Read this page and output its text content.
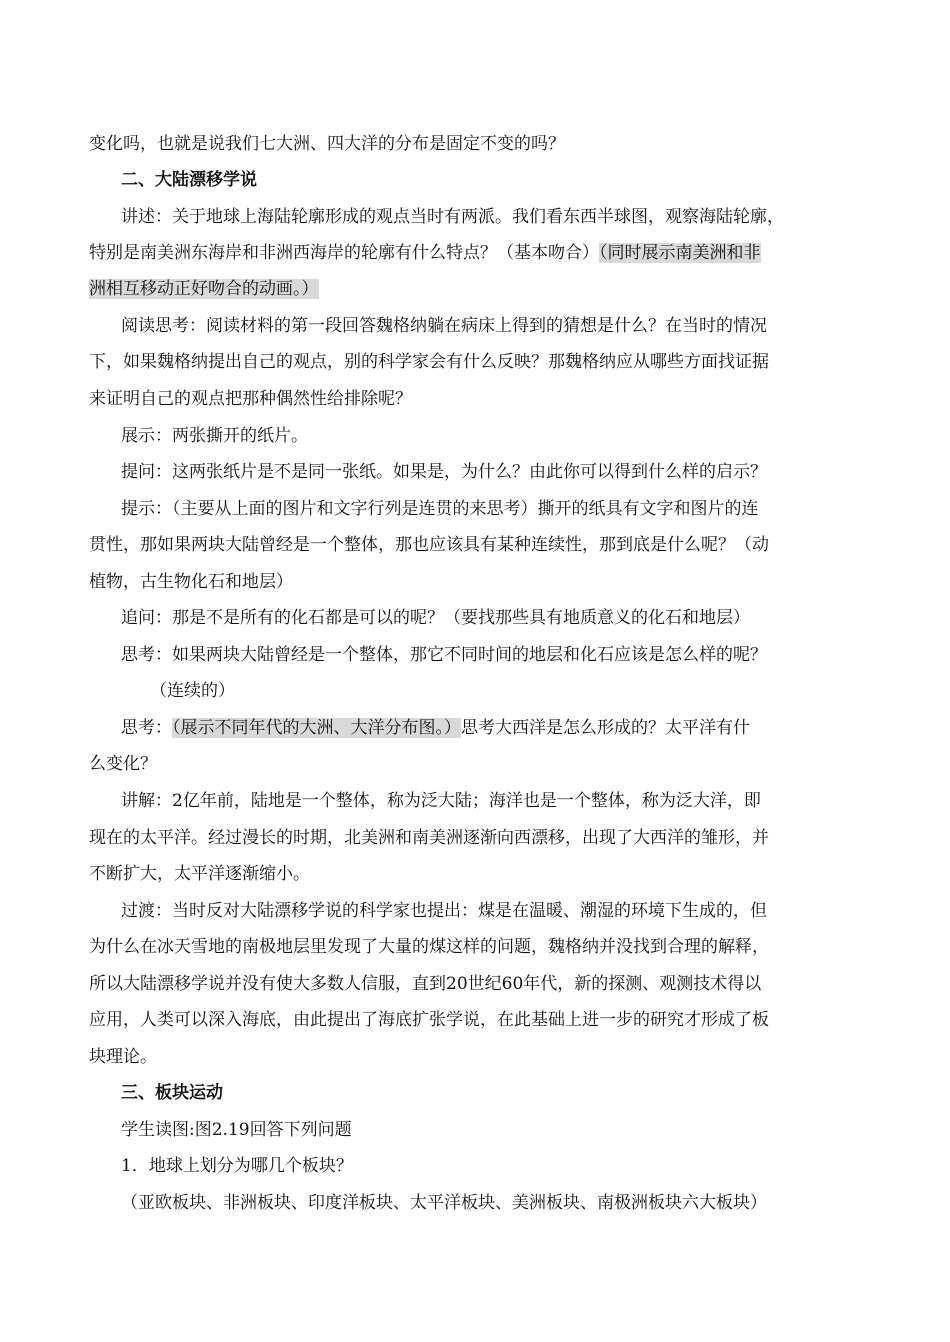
变化吗，也就是说我们七大洲、四大洋的分布是固定不变的吗？
二、大陆漂移学说
讲述：关于地球上海陆轮廓形成的观点当时有两派。我们看东西半球图，观察海陆轮廓，
特别是南美洲东海岸和非洲西海岸的轮廓有什么特点？（基本吻合）（同时展示南美洲和非
洲相互移动正好吻合的动画。）
阅读思考：阅读材料的第一段回答魏格纳躺在病床上得到的猜想是什么？在当时的情况
下，如果魏格纳提出自己的观点，别的科学家会有什么反映？那魏格纳应从哪些方面找证据
来证明自己的观点把那种偶然性给排除呢？
展示：两张撕开的纸片。
提问：这两张纸片是不是同一张纸。如果是，为什么？由此你可以得到什么样的启示？
提示：（主要从上面的图片和文字行列是连贯的来思考）撕开的纸具有文字和图片的连
贯性，那如果两块大陆曾经是一个整体，那也应该具有某种连续性，那到底是什么呢？（动
植物，古生物化石和地层）
追问：那是不是所有的化石都是可以的呢？（要找那些具有地质意义的化石和地层）
思考：如果两块大陆曾经是一个整体，那它不同时间的地层和化石应该是怎么样的呢？
（连续的）
思考：（展示不同年代的大洲、大洋分布图。）思考大西洋是怎么形成的？太平洋有什
么变化？
讲解：2亿年前，陆地是一个整体，称为泛大陆；海洋也是一个整体，称为泛大洋，即
现在的太平洋。经过漫长的时期，北美洲和南美洲逐渐向西漂移，出现了大西洋的雏形，并
不断扩大，太平洋逐渐缩小。
过渡：当时反对大陆漂移学说的科学家也提出：煤是在温暖、潮湿的环境下生成的，但
为什么在冰天雪地的南极地层里发现了大量的煤这样的问题，魏格纳并没找到合理的解释，
所以大陆漂移学说并没有使大多数人信服，直到20世纪60年代，新的探测、观测技术得以
应用，人类可以深入海底，由此提出了海底扩张学说，在此基础上进一步的研究才形成了板
块理论。
三、板块运动
学生读图:图2.19回答下列问题
1．地球上划分为哪几个板块？
（亚欧板块、非洲板块、印度洋板块、太平洋板块、美洲板块、南极洲板块六大板块）
